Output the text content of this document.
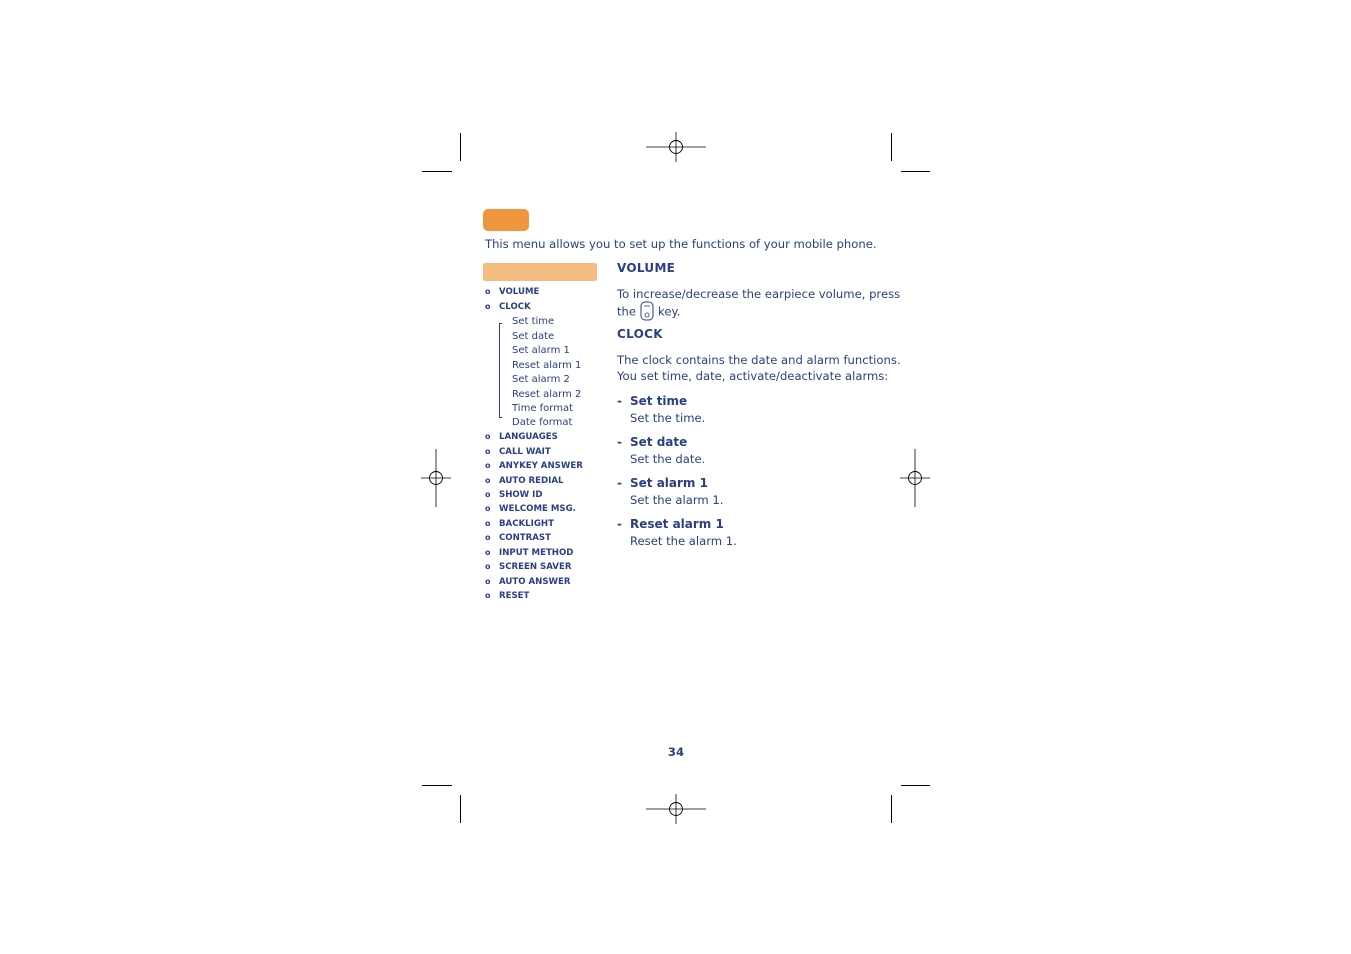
This menu allows you to set up the functions of your mobile phone.
o VOLUME
o CLOCK
Set time
Set date
Set alarm 1
Reset alarm 1
Set alarm 2
Reset alarm 2
Time format
Date format
o LANGUAGES
o CALL WAIT
o ANYKEY ANSWER
o AUTO REDIAL
o SHOW ID
o WELCOME MSG.
o BACKLIGHT
o CONTRAST
o INPUT METHOD
o SCREEN SAVER
o AUTO ANSWER
o RESET
VOLUME
To increase/decrease the earpiece volume, press
the key.
CLOCK
The clock contains the date and alarm functions.
You set time, date, activate/deactivate alarms:
- Set time
Set the time.
- Set date
Set the date.
- Set alarm 1
Set the alarm 1.
- Reset alarm 1
Reset the alarm 1.
34
